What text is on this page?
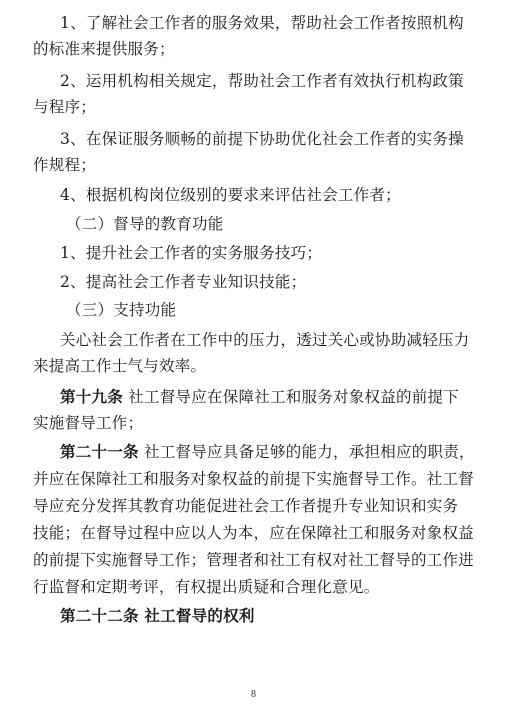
1、了解社会工作者的服务效果，帮助社会工作者按照机构
的标准来提供服务；
2、运用机构相关规定，帮助社会工作者有效执行机构政策
与程序；
3、在保证服务顺畅的前提下协助优化社会工作者的实务操
作规程；
4、根据机构岗位级别的要求来评估社会工作者；
（二）督导的教育功能
1、提升社会工作者的实务服务技巧；
2、提高社会工作者专业知识技能；
（三）支持功能
关心社会工作者在工作中的压力，透过关心或协助减轻压力
来提高工作士气与效率。
第十九条 社工督导应在保障社工和服务对象权益的前提下
实施督导工作；
第二十一条 社工督导应具备足够的能力，承担相应的职责，
并应在保障社工和服务对象权益的前提下实施督导工作。社工督
导应充分发挥其教育功能促进社会工作者提升专业知识和实务
技能；在督导过程中应以人为本，应在保障社工和服务对象权益
的前提下实施督导工作；管理者和社工有权对社工督导的工作进
行监督和定期考评，有权提出质疑和合理化意见。
第二十二条 社工督导的权利
8
